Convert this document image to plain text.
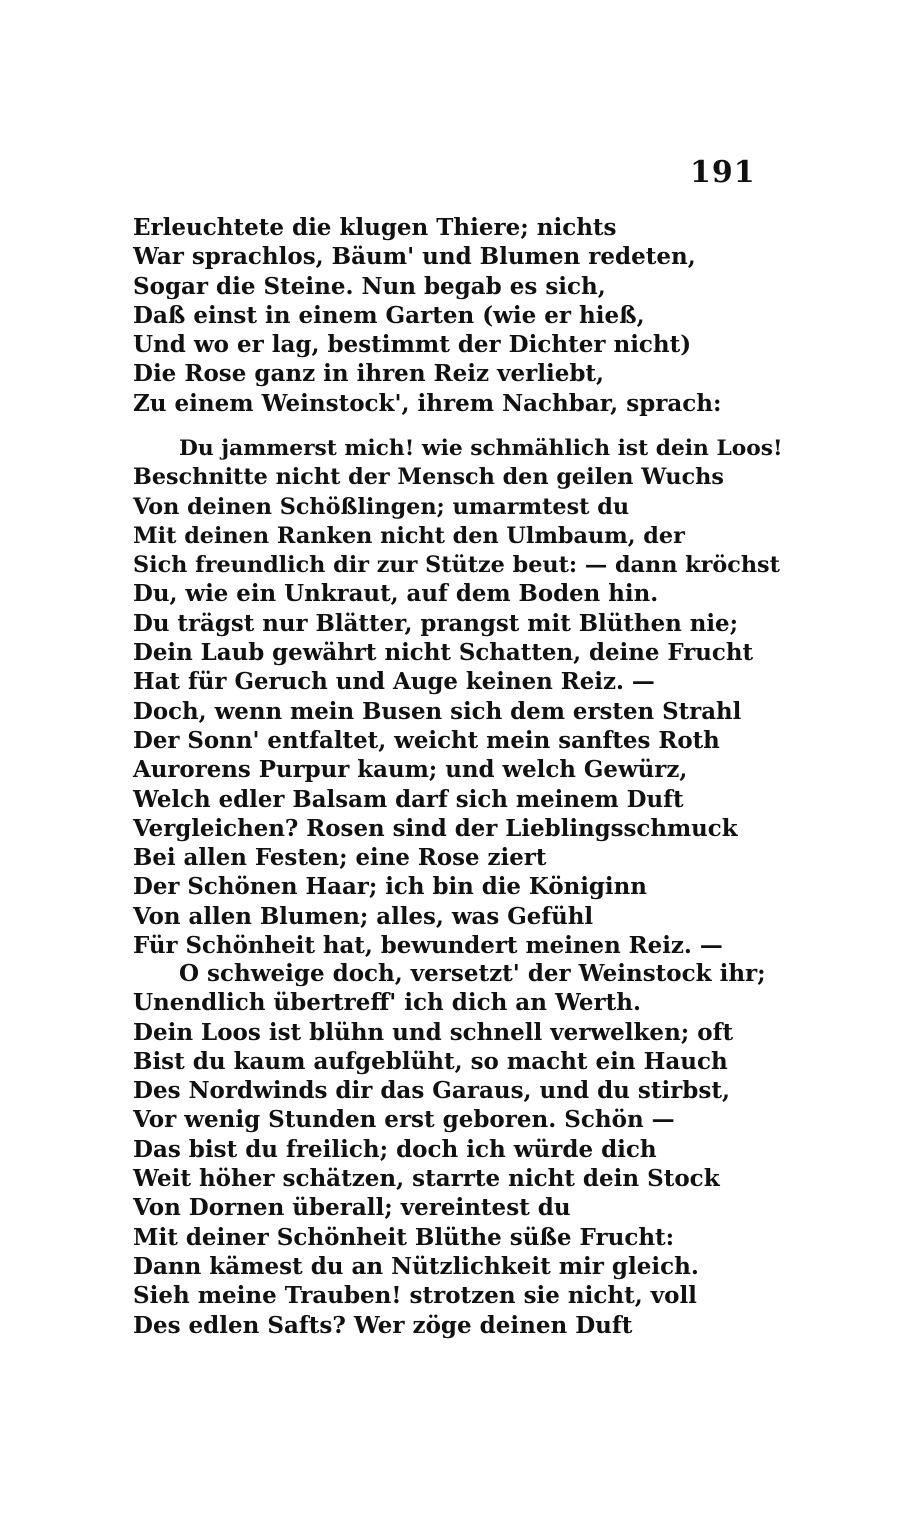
191
Erleuchtete die klugen Thiere; nichts
War sprachlos, Bäum' und Blumen redeten,
Sogar die Steine. Nun begab es sich,
Daß einst in einem Garten (wie er hieß,
Und wo er lag, bestimmt der Dichter nicht)
Die Rose ganz in ihren Reiz verliebt,
Zu einem Weinstock', ihrem Nachbar, sprach:
Du jammerst mich! wie schmählich ist dein Loos!
Beschnitte nicht der Mensch den geilen Wuchs
Von deinen Schößlingen; umarmtest du
Mit deinen Ranken nicht den Ulmbaum, der
Sich freundlich dir zur Stütze beut: — dann kröchst
Du, wie ein Unkraut, auf dem Boden hin.
Du trägst nur Blätter, prangst mit Blüthen nie;
Dein Laub gewährt nicht Schatten, deine Frucht
Hat für Geruch und Auge keinen Reiz. —
Doch, wenn mein Busen sich dem ersten Strahl
Der Sonn' entfaltet, weicht mein sanftes Roth
Aurorens Purpur kaum; und welch Gewürz,
Welch edler Balsam darf sich meinem Duft
Vergleichen? Rosen sind der Lieblingsschmuck
Bei allen Festen; eine Rose ziert
Der Schönen Haar; ich bin die Königinn
Von allen Blumen; alles, was Gefühl
Für Schönheit hat, bewundert meinen Reiz. —
O schweige doch, versetzt' der Weinstock ihr;
Unendlich übertreff' ich dich an Werth.
Dein Loos ist blühn und schnell verwelken; oft
Bist du kaum aufgeblüht, so macht ein Hauch
Des Nordwinds dir das Garaus, und du stirbst,
Vor wenig Stunden erst geboren. Schön —
Das bist du freilich; doch ich würde dich
Weit höher schätzen, starrte nicht dein Stock
Von Dornen überall; vereintest du
Mit deiner Schönheit Blüthe süße Frucht:
Dann kämest du an Nützlichkeit mir gleich.
Sieh meine Trauben! strotzen sie nicht, voll
Des edlen Safts? Wer zöge deinen Duft
